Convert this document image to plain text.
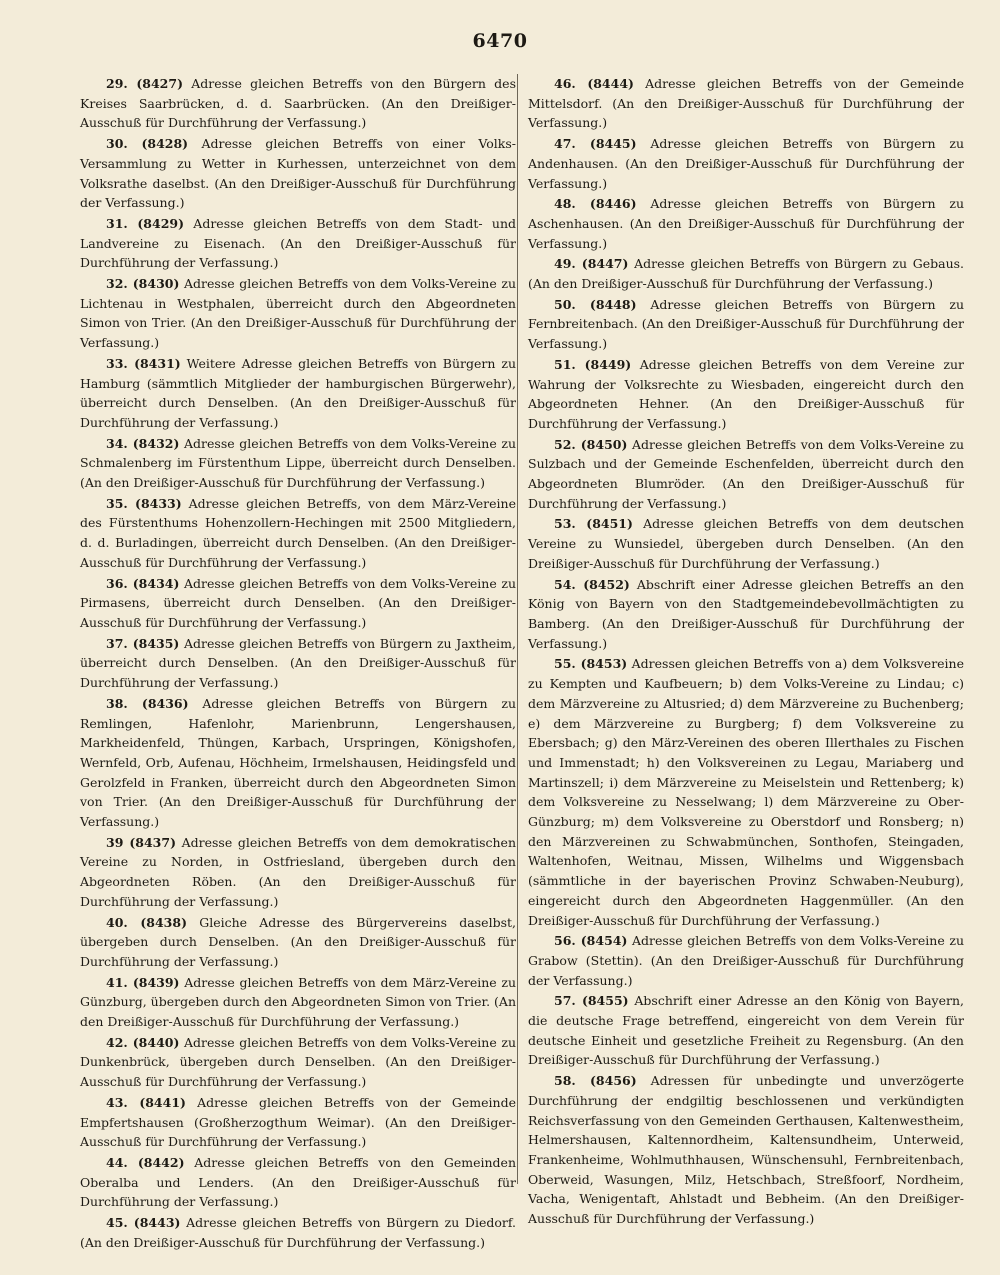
6470

29. (8427) Adresse gleichen Betreffs von den Bürgern des Kreises Saarbrücken, d. d. Saarbrücken. (An den Dreißiger-Ausschuß für Durchführung der Verfassung.)

30. (8428) Adresse gleichen Betreffs von einer Volks-Versammlung zu Wetter in Kurhessen, unterzeichnet von dem Volksrathe daselbst. (An den Dreißiger-Ausschuß für Durchführung der Verfassung.)

31. (8429) Adresse gleichen Betreffs von dem Stadt- und Landvereine zu Eisenach. (An den Dreißiger-Ausschuß für Durchführung der Verfassung.)

32. (8430) Adresse gleichen Betreffs von dem Volks-Vereine zu Lichtenau in Westphalen, überreicht durch den Abgeordneten Simon von Trier. (An den Dreißiger-Ausschuß für Durchführung der Verfassung.)

33. (8431) Weitere Adresse gleichen Betreffs von Bürgern zu Hamburg (sämmtlich Mitglieder der hamburgischen Bürgerwehr), überreicht durch Denselben. (An den Dreißiger-Ausschuß für Durchführung der Verfassung.)

34. (8432) Adresse gleichen Betreffs von dem Volks-Vereine zu Schmalenberg im Fürstenthum Lippe, überreicht durch Denselben. (An den Dreißiger-Ausschuß für Durchführung der Verfassung.)

35. (8433) Adresse gleichen Betreffs, von dem März-Vereine des Fürstenthums Hohenzollern-Hechingen mit 2500 Mitgliedern, d. d. Burladingen, überreicht durch Denselben. (An den Dreißiger-Ausschuß für Durchführung der Verfassung.)

36. (8434) Adresse gleichen Betreffs von dem Volks-Vereine zu Pirmasens, überreicht durch Denselben. (An den Dreißiger-Ausschuß für Durchführung der Verfassung.)

37. (8435) Adresse gleichen Betreffs von Bürgern zu Jaxtheim, überreicht durch Denselben. (An den Dreißiger-Ausschuß für Durchführung der Verfassung.)

38. (8436) Adresse gleichen Betreffs von Bürgern zu Remlingen, Hafenlohr, Marienbrunn, Lengershausen, Markheidenfeld, Thüngen, Karbach, Urspringen, Königshofen, Wernfeld, Orb, Aufenau, Höchheim, Irmelshausen, Heidingsfeld und Gerolzfeld in Franken, überreicht durch den Abgeordneten Simon von Trier. (An den Dreißiger-Ausschuß für Durchführung der Verfassung.)

39 (8437) Adresse gleichen Betreffs von dem demokratischen Vereine zu Norden, in Ostfriesland, übergeben durch den Abgeordneten Röben. (An den Dreißiger-Ausschuß für Durchführung der Verfassung.)

40. (8438) Gleiche Adresse des Bürgervereins daselbst, übergeben durch Denselben. (An den Dreißiger-Ausschuß für Durchführung der Verfassung.)

41. (8439) Adresse gleichen Betreffs von dem März-Vereine zu Günzburg, übergeben durch den Abgeordneten Simon von Trier. (An den Dreißiger-Ausschuß für Durchführung der Verfassung.)

42. (8440) Adresse gleichen Betreffs von dem Volks-Vereine zu Dunkenbrück, übergeben durch Denselben. (An den Dreißiger-Ausschuß für Durchführung der Verfassung.)

43. (8441) Adresse gleichen Betreffs von der Gemeinde Empfertshausen (Großherzogthum Weimar). (An den Dreißiger-Ausschuß für Durchführung der Verfassung.)

44. (8442) Adresse gleichen Betreffs von den Gemeinden Oberalba und Lenders. (An den Dreißiger-Ausschuß für Durchführung der Verfassung.)

45. (8443) Adresse gleichen Betreffs von Bürgern zu Diedorf. (An den Dreißiger-Ausschuß für Durchführung der Verfassung.)

46. (8444) Adresse gleichen Betreffs von der Gemeinde Mittelsdorf. (An den Dreißiger-Ausschuß für Durchführung der Verfassung.)

47. (8445) Adresse gleichen Betreffs von Bürgern zu Andenhausen. (An den Dreißiger-Ausschuß für Durchführung der Verfassung.)

48. (8446) Adresse gleichen Betreffs von Bürgern zu Aschenhausen. (An den Dreißiger-Ausschuß für Durchführung der Verfassung.)

49. (8447) Adresse gleichen Betreffs von Bürgern zu Gebaus. (An den Dreißiger-Ausschuß für Durchführung der Verfassung.)

50. (8448) Adresse gleichen Betreffs von Bürgern zu Fernbreitenbach. (An den Dreißiger-Ausschuß für Durchführung der Verfassung.)

51. (8449) Adresse gleichen Betreffs von dem Vereine zur Wahrung der Volksrechte zu Wiesbaden, eingereicht durch den Abgeordneten Hehner. (An den Dreißiger-Ausschuß für Durchführung der Verfassung.)

52. (8450) Adresse gleichen Betreffs von dem Volks-Vereine zu Sulzbach und der Gemeinde Eschenfelden, überreicht durch den Abgeordneten Blumröder. (An den Dreißiger-Ausschuß für Durchführung der Verfassung.)

53. (8451) Adresse gleichen Betreffs von dem deutschen Vereine zu Wunsiedel, übergeben durch Denselben. (An den Dreißiger-Ausschuß für Durchführung der Verfassung.)

54. (8452) Abschrift einer Adresse gleichen Betreffs an den König von Bayern von den Stadtgemeindebevollmächtigten zu Bamberg. (An den Dreißiger-Ausschuß für Durchführung der Verfassung.)

55. (8453) Adressen gleichen Betreffs von a) dem Volksvereine zu Kempten und Kaufbeuern; b) dem Volks-Vereine zu Lindau; c) dem Märzvereine zu Altusried; d) dem Märzvereine zu Buchenberg; e) dem Märzvereine zu Burgberg; f) dem Volksvereine zu Ebersbach; g) den März-Vereinen des oberen Illerthales zu Fischen und Immenstadt; h) den Volksvereinen zu Legau, Mariaberg und Martinszell; i) dem Märzvereine zu Meiselstein und Rettenberg; k) dem Volksvereine zu Nesselwang; l) dem Märzvereine zu Ober-Günzburg; m) dem Volksvereine zu Oberstdorf und Ronsberg; n) den Märzvereinen zu Schwabmünchen, Sonthofen, Steingaden, Waltenhofen, Weitnau, Missen, Wilhelms und Wiggensbach (sämmtliche in der bayerischen Provinz Schwaben-Neuburg), eingereicht durch den Abgeordneten Haggenmüller. (An den Dreißiger-Ausschuß für Durchführung der Verfassung.)

56. (8454) Adresse gleichen Betreffs von dem Volks-Vereine zu Grabow (Stettin). (An den Dreißiger-Ausschuß für Durchführung der Verfassung.)

57. (8455) Abschrift einer Adresse an den König von Bayern, die deutsche Frage betreffend, eingereicht von dem Verein für deutsche Einheit und gesetzliche Freiheit zu Regensburg. (An den Dreißiger-Ausschuß für Durchführung der Verfassung.)

58. (8456) Adressen für unbedingte und unverzögerte Durchführung der endgiltig beschlossenen und verkündigten Reichsverfassung von den Gemeinden Gerthausen, Kaltenwestheim, Helmershausen, Kaltennordheim, Kaltensundheim, Unterweid, Frankenheime, Wohlmuthhausen, Wünschensuhl, Fernbreitenbach, Oberweid, Wasungen, Milz, Hetschbach, Streßfoorf, Nordheim, Vacha, Wenigentaft, Ahlstadt und Bebheim. (An den Dreißiger-Ausschuß für Durchführung der Verfassung.)
